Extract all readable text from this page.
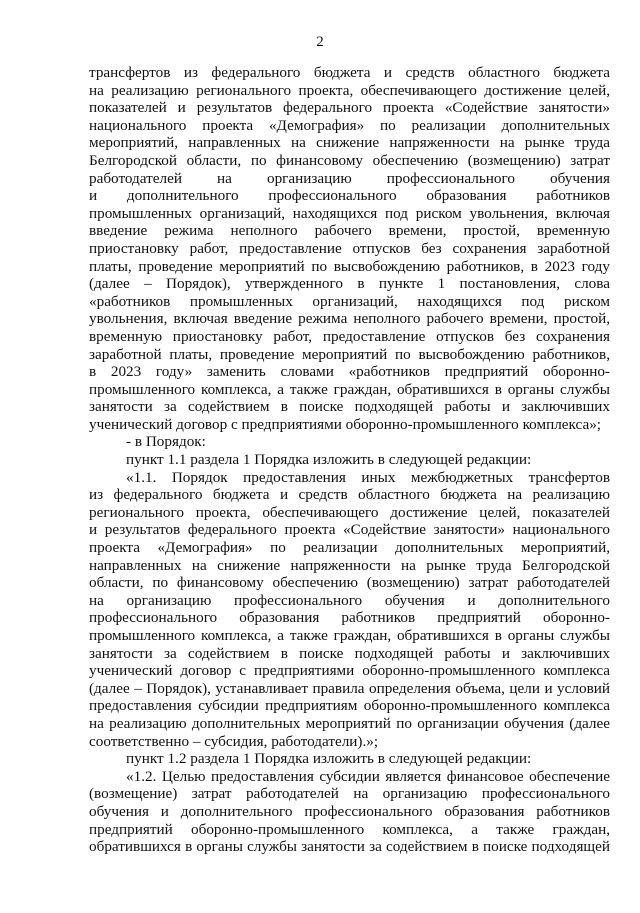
2
трансфертов из федерального бюджета и средств областного бюджета
на реализацию регионального проекта, обеспечивающего достижение целей,
показателей и результатов федерального проекта «Содействие занятости»
национального проекта «Демография» по реализации дополнительных
мероприятий, направленных на снижение напряженности на рынке труда
Белгородской области, по финансовому обеспечению (возмещению) затрат
работодателей на организацию профессионального обучения
и дополнительного профессионального образования работников
промышленных организаций, находящихся под риском увольнения, включая
введение режима неполного рабочего времени, простой, временную
приостановку работ, предоставление отпусков без сохранения заработной
платы, проведение мероприятий по высвобождению работников, в 2023 году
(далее – Порядок), утвержденного в пункте 1 постановления, слова
«работников промышленных организаций, находящихся под риском
увольнения, включая введение режима неполного рабочего времени, простой,
временную приостановку работ, предоставление отпусков без сохранения
заработной платы, проведение мероприятий по высвобождению работников,
в 2023 году» заменить словами «работников предприятий оборонно-
промышленного комплекса, а также граждан, обратившихся в органы службы
занятости за содействием в поиске подходящей работы и заключивших
ученический договор с предприятиями оборонно-промышленного комплекса»;
- в Порядок:
пункт 1.1 раздела 1 Порядка изложить в следующей редакции:
«1.1. Порядок предоставления иных межбюджетных трансфертов
из федерального бюджета и средств областного бюджета на реализацию
регионального проекта, обеспечивающего достижение целей, показателей
и результатов федерального проекта «Содействие занятости» национального
проекта «Демография» по реализации дополнительных мероприятий,
направленных на снижение напряженности на рынке труда Белгородской
области, по финансовому обеспечению (возмещению) затрат работодателей
на организацию профессионального обучения и дополнительного
профессионального образования работников предприятий оборонно-
промышленного комплекса, а также граждан, обратившихся в органы службы
занятости за содействием в поиске подходящей работы и заключивших
ученический договор с предприятиями оборонно-промышленного комплекса
(далее – Порядок), устанавливает правила определения объема, цели и условий
предоставления субсидии предприятиям оборонно-промышленного комплекса
на реализацию дополнительных мероприятий по организации обучения (далее
соответственно – субсидия, работодатели).»;
пункт 1.2 раздела 1 Порядка изложить в следующей редакции:
«1.2. Целью предоставления субсидии является финансовое обеспечение
(возмещение) затрат работодателей на организацию профессионального
обучения и дополнительного профессионального образования работников
предприятий оборонно-промышленного комплекса, а также граждан,
обратившихся в органы службы занятости за содействием в поиске подходящей
